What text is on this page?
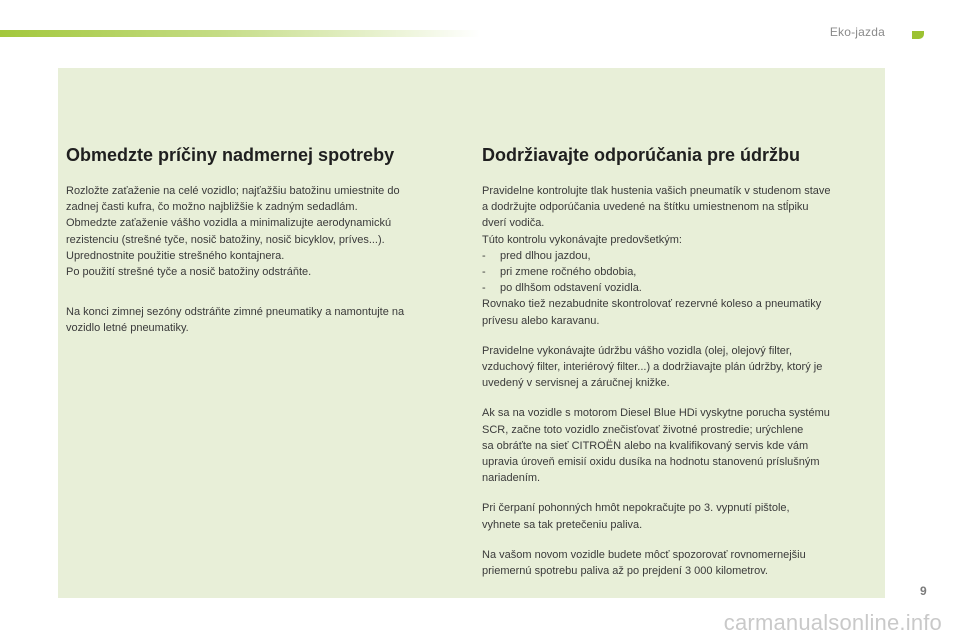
Eko-jazda
Obmedzte príčiny nadmernej spotreby
Rozložte zaťaženie na celé vozidlo; najťažšiu batožinu umiestnite do
zadnej časti kufra, čo možno najbližšie k zadným sedadlám.
Obmedzte zaťaženie vášho vozidla a minimalizujte aerodynamickú
rezistenciu (strešné tyče, nosič batožiny, nosič bicyklov, príves...).
Uprednostnite použitie strešného kontajnera.
Po použití strešné tyče a nosič batožiny odstráňte.
Na konci zimnej sezóny odstráňte zimné pneumatiky a namontujte na
vozidlo letné pneumatiky.
Dodržiavajte odporúčania pre údržbu
Pravidelne kontrolujte tlak hustenia vašich pneumatík v studenom stave
a dodržujte odporúčania uvedené na štítku umiestnenom na stĺpiku
dverí vodiča.
Túto kontrolu vykonávajte predovšetkým:
-	pred dlhou jazdou,
-	pri zmene ročného obdobia,
-	po dlhšom odstavení vozidla.
Rovnako tiež nezabudnite skontrolovať rezervné koleso a pneumatiky
prívesu alebo karavanu.
Pravidelne vykonávajte údržbu vášho vozidla (olej, olejový filter,
vzduchový filter, interiérový filter...) a dodržiavajte plán údržby, ktorý je
uvedený v servisnej a záručnej knižke.
Ak sa na vozidle s motorom Diesel Blue HDi vyskytne porucha systému
SCR, začne toto vozidlo znečisťovať životné prostredie; urýchlene
sa obráťte na sieť CITROËN alebo na kvalifikovaný servis kde vám
upravia úroveň emisií oxidu dusíka na hodnotu stanovenú príslušným
nariadením.
Pri čerpaní pohonných hmôt nepokračujte po 3. vypnutí pištole,
vyhnete sa tak pretečeniu paliva.
Na vašom novom vozidle budete môcť spozorovať rovnomernejšiu
priemernú spotrebu paliva až po prejdení 3 000 kilometrov.
9
carmanualsonline.info
